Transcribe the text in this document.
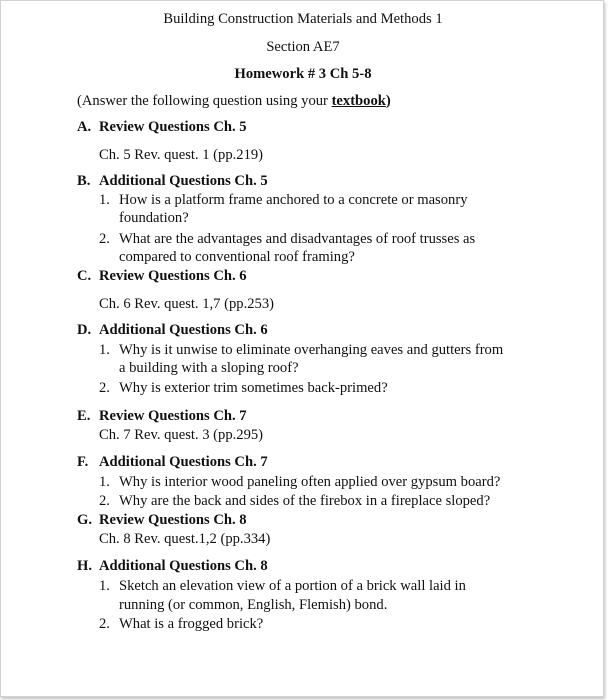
Building Construction Materials and Methods 1
Section AE7
Homework # 3 Ch 5-8
(Answer the following question using your textbook)
A. Review Questions Ch. 5
Ch. 5 Rev. quest. 1 (pp.219)
B. Additional Questions Ch. 5
1. How is a platform frame anchored to a concrete or masonry
foundation?
2. What are the advantages and disadvantages of roof trusses as
compared to conventional roof framing?
C. Review Questions Ch. 6
Ch. 6 Rev. quest. 1,7 (pp.253)
D. Additional Questions Ch. 6
1. Why is it unwise to eliminate overhanging eaves and gutters from
a building with a sloping roof?
2. Why is exterior trim sometimes back-primed?
E. Review Questions Ch. 7
Ch. 7 Rev. quest. 3 (pp.295)
F. Additional Questions Ch. 7
1. Why is interior wood paneling often applied over gypsum board?
2. Why are the back and sides of the firebox in a fireplace sloped?
G. Review Questions Ch. 8
Ch. 8 Rev. quest.1,2 (pp.334)
H. Additional Questions Ch. 8
1. Sketch an elevation view of a portion of a brick wall laid in
running (or common, English, Flemish) bond.
2. What is a frogged brick?
